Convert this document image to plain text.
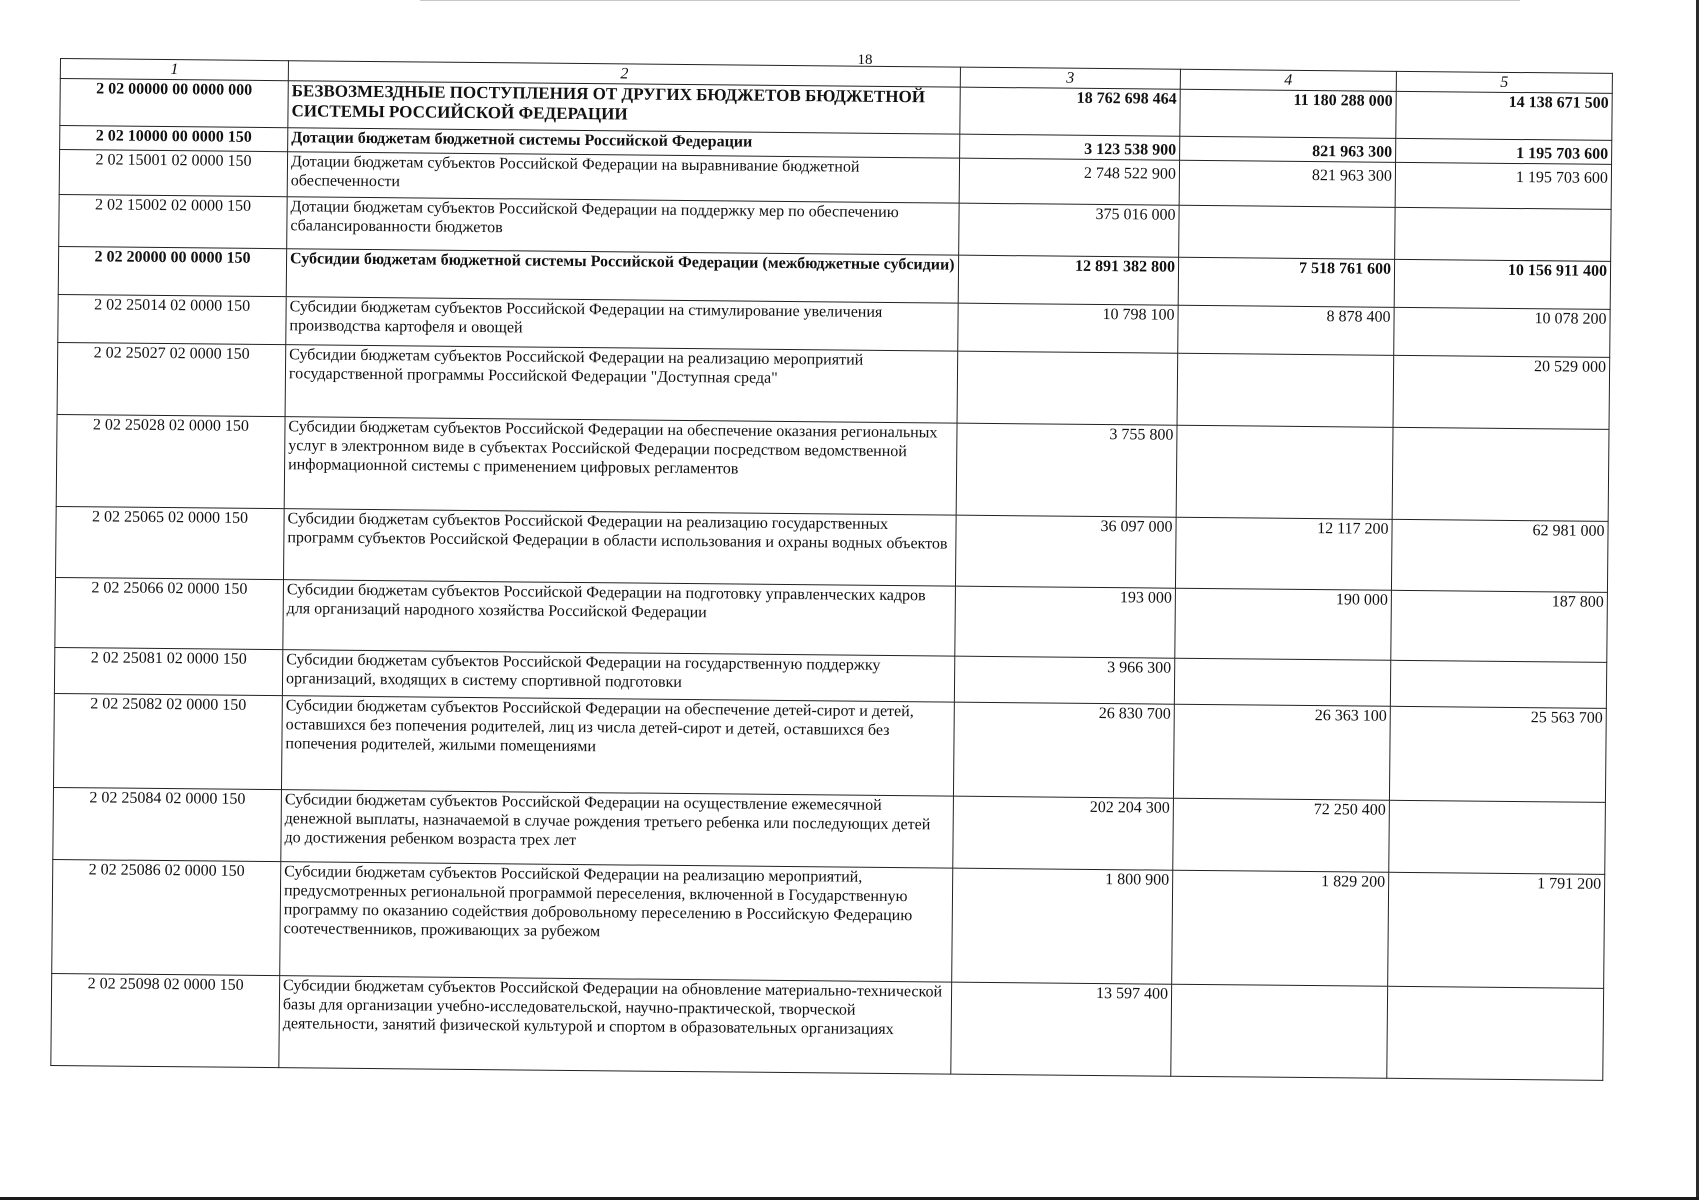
18
1	2	3	4	5
2 02 00000 00 0000 000	БЕЗВОЗМЕЗДНЫЕ ПОСТУПЛЕНИЯ ОТ ДРУГИХ БЮДЖЕТОВ БЮДЖЕТНОЙ СИСТЕМЫ РОССИЙСКОЙ ФЕДЕРАЦИИ	18 762 698 464	11 180 288 000	14 138 671 500
2 02 10000 00 0000 150	Дотации бюджетам бюджетной системы Российской Федерации	3 123 538 900	821 963 300	1 195 703 600
2 02 15001 02 0000 150	Дотации бюджетам субъектов Российской Федерации на выравнивание бюджетной обеспеченности	2 748 522 900	821 963 300	1 195 703 600
2 02 15002 02 0000 150	Дотации бюджетам субъектов Российской Федерации на поддержку мер по обеспечению сбалансированности бюджетов	375 016 000		
2 02 20000 00 0000 150	Субсидии бюджетам бюджетной системы Российской Федерации (межбюджетные субсидии)	12 891 382 800	7 518 761 600	10 156 911 400
2 02 25014 02 0000 150	Субсидии бюджетам субъектов Российской Федерации на стимулирование увеличения производства картофеля и овощей	10 798 100	8 878 400	10 078 200
2 02 25027 02 0000 150	Субсидии бюджетам субъектов Российской Федерации на реализацию мероприятий государственной программы Российской Федерации "Доступная среда"			20 529 000
2 02 25028 02 0000 150	Субсидии бюджетам субъектов Российской Федерации на обеспечение оказания региональных услуг в электронном виде в субъектах Российской Федерации посредством ведомственной информационной системы с применением цифровых регламентов	3 755 800		
2 02 25065 02 0000 150	Субсидии бюджетам субъектов Российской Федерации на реализацию государственных программ субъектов Российской Федерации в области использования и охраны водных объектов	36 097 000	12 117 200	62 981 000
2 02 25066 02 0000 150	Субсидии бюджетам субъектов Российской Федерации на подготовку управленческих кадров для организаций народного хозяйства Российской Федерации	193 000	190 000	187 800
2 02 25081 02 0000 150	Субсидии бюджетам субъектов Российской Федерации на государственную поддержку организаций, входящих в систему спортивной подготовки	3 966 300		
2 02 25082 02 0000 150	Субсидии бюджетам субъектов Российской Федерации на обеспечение детей-сирот и детей, оставшихся без попечения родителей, лиц из числа детей-сирот и детей, оставшихся без попечения родителей, жилыми помещениями	26 830 700	26 363 100	25 563 700
2 02 25084 02 0000 150	Субсидии бюджетам субъектов Российской Федерации на осуществление ежемесячной денежной выплаты, назначаемой в случае рождения третьего ребенка или последующих детей до достижения ребенком возраста трех лет	202 204 300	72 250 400	
2 02 25086 02 0000 150	Субсидии бюджетам субъектов Российской Федерации на реализацию мероприятий, предусмотренных региональной программой переселения, включенной в Государственную программу по оказанию содействия добровольному переселению в Российскую Федерацию соотечественников, проживающих за рубежом	1 800 900	1 829 200	1 791 200
2 02 25098 02 0000 150	Субсидии бюджетам субъектов Российской Федерации на обновление материально-технической базы для организации учебно-исследовательской, научно-практической, творческой деятельности, занятий физической культурой и спортом в образовательных организациях	13 597 400		
